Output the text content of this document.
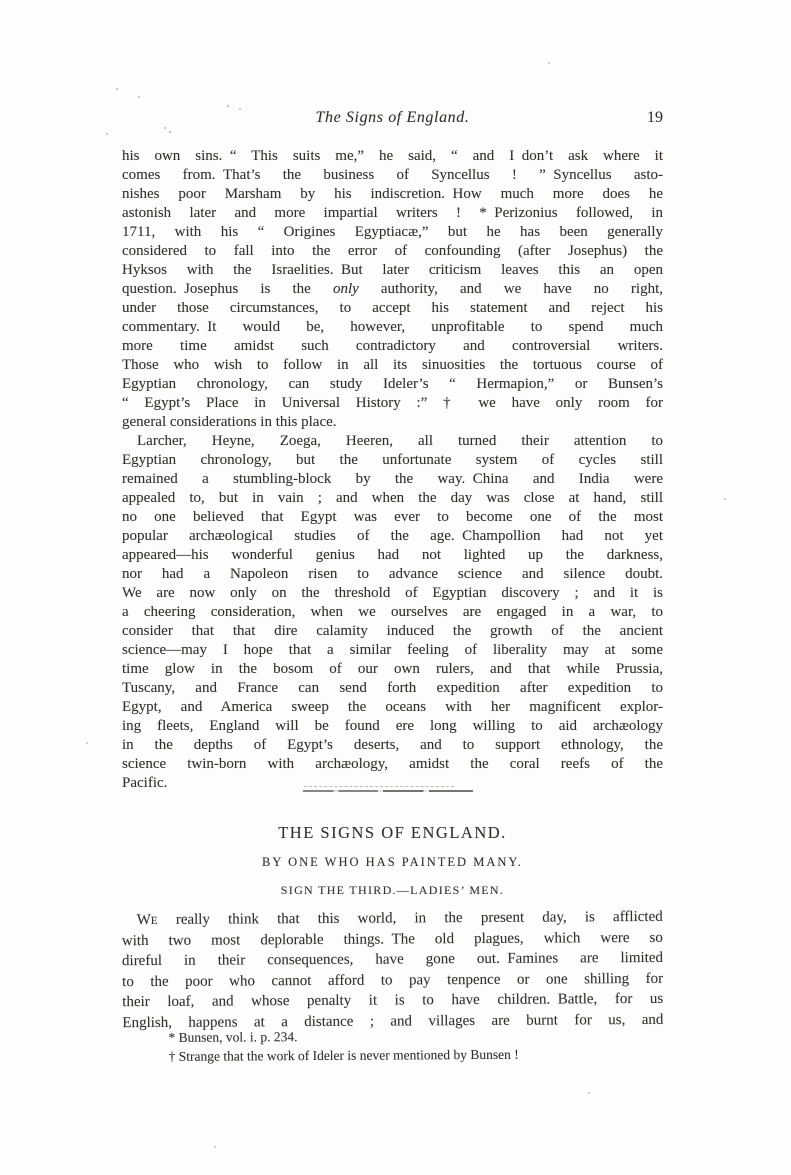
The Signs of England.	19
his own sins. “ This suits me,” he said, “ and I don’t ask where it
comes from. That’s the business of Syncellus ! ” Syncellus asto-
nishes poor Marsham by his indiscretion. How much more does he
astonish later and more impartial writers ! * Perizonius followed, in
1711, with his “ Origines Egyptiacæ,” but he has been generally
considered to fall into the error of confounding (after Josephus) the
Hyksos with the Israelities. But later criticism leaves this an open
question. Josephus is the only authority, and we have no right,
under those circumstances, to accept his statement and reject his
commentary. It would be, however, unprofitable to spend much
more time amidst such contradictory and controversial writers.
Those who wish to follow in all its sinuosities the tortuous course of
Egyptian chronology, can study Ideler’s “ Hermapion,” or Bunsen’s
“ Egypt’s Place in Universal History :” † we have only room for
general considerations in this place.
Larcher, Heyne, Zoega, Heeren, all turned their attention to
Egyptian chronology, but the unfortunate system of cycles still
remained a stumbling-block by the way. China and India were
appealed to, but in vain ; and when the day was close at hand, still
no one believed that Egypt was ever to become one of the most
popular archæological studies of the age. Champollion had not yet
appeared—his wonderful genius had not lighted up the darkness,
nor had a Napoleon risen to advance science and silence doubt.
We are now only on the threshold of Egyptian discovery ; and it is
a cheering consideration, when we ourselves are engaged in a war, to
consider that that dire calamity induced the growth of the ancient
science—may I hope that a similar feeling of liberality may at some
time glow in the bosom of our own rulers, and that while Prussia,
Tuscany, and France can send forth expedition after expedition to
Egypt, and America sweep the oceans with her magnificent explor-
ing fleets, England will be found ere long willing to aid archæology
in the depths of Egypt’s deserts, and to support ethnology, the
science twin-born with archæology, amidst the coral reefs of the
Pacific.
THE SIGNS OF ENGLAND.
BY ONE WHO HAS PAINTED MANY.
SIGN THE THIRD.—LADIES’ MEN.
We really think that this world, in the present day, is afflicted
with two most deplorable things. The old plagues, which were so
direful in their consequences, have gone out. Famines are limited
to the poor who cannot afford to pay tenpence or one shilling for
their loaf, and whose penalty it is to have children. Battle, for us
English, happens at a distance ; and villages are burnt for us, and
* Bunsen, vol. i. p. 234.
† Strange that the work of Ideler is never mentioned by Bunsen !
